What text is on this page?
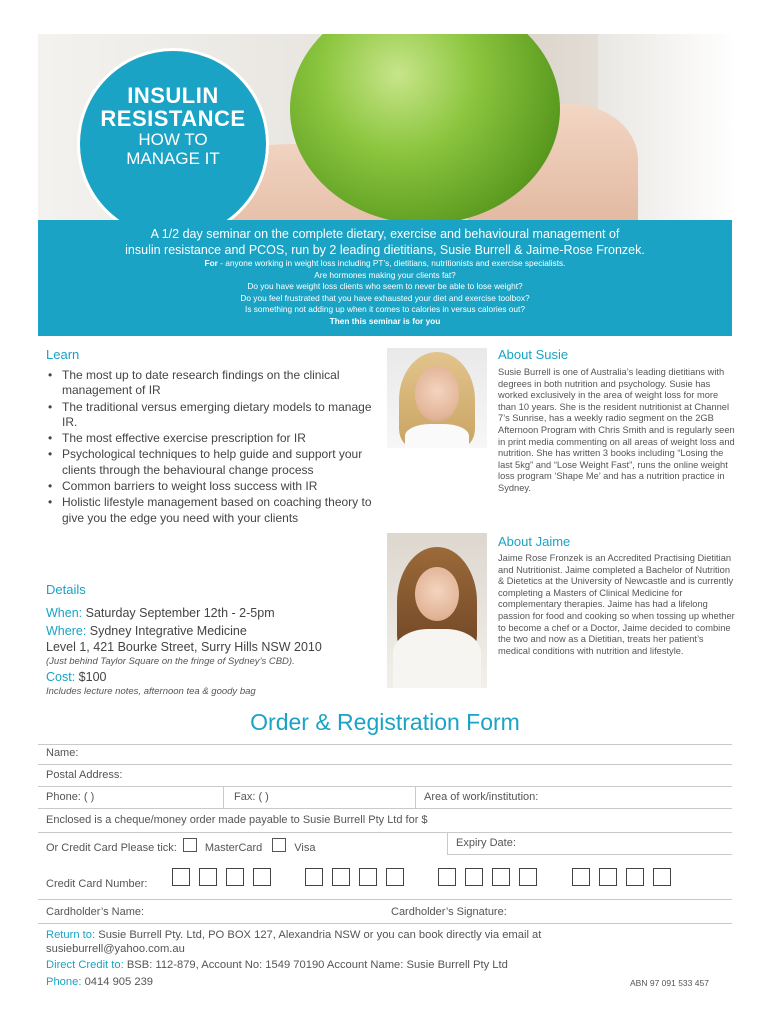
INSULIN
RESISTANCE
HOW TO
MANAGE IT
A 1/2 day seminar on the complete dietary, exercise and behavioural management of
insulin resistance and PCOS, run by 2 leading dietitians, Susie Burrell & Jaime-Rose Fronzek.
For - anyone working in weight loss including PT’s, dietitians, nutritionists and exercise specialists.
Are hormones making your clients fat?
Do you have weight loss clients who seem to never be able to lose weight?
Do you feel frustrated that you have exhausted your diet and exercise toolbox?
Is something not adding up when it comes to calories in versus calories out?
Then this seminar is for you
Learn
• The most up to date research findings on the clinical management of IR
• The traditional versus emerging dietary models to manage IR.
• The most effective exercise prescription for IR
• Psychological techniques to help guide and support your clients through the behavioural change process
• Common barriers to weight loss success with IR
• Holistic lifestyle management based on coaching theory to give you the edge you need with your clients
About Susie
Susie Burrell is one of Australia’s leading dietitians with degrees in both nutrition and psychology. Susie has worked exclusively in the area of weight loss for more than 10 years. She is the resident nutritionist at Channel 7’s Sunrise, has a weekly radio segment on the 2GB Afternoon Program with Chris Smith and is regularly seen in print media commenting on all areas of weight loss and nutrition. She has written 3 books including “Losing the last 5kg” and “Lose Weight Fast”, runs the online weight loss program ‘Shape Me’ and has a nutrition practice in Sydney.
About Jaime
Jaime Rose Fronzek is an Accredited Practising Dietitian and Nutritionist. Jaime completed a Bachelor of Nutrition & Dietetics at the University of Newcastle and is currently completing a Masters of Clinical Medicine for complementary therapies. Jaime has had a lifelong passion for food and cooking so when tossing up whether to become a chef or a Doctor, Jaime decided to combine the two and now as a Dietitian, treats her patient’s medical conditions with nutrition and lifestyle.
Details
When: Saturday September 12th - 2-5pm
Where: Sydney Integrative Medicine
Level 1, 421 Bourke Street, Surry Hills NSW 2010
(Just behind Taylor Square on the fringe of Sydney’s CBD).
Cost: $100
Includes lecture notes, afternoon tea & goody bag
Order & Registration Form
Name:
Postal Address:
Phone: ( )	Fax: ( )	Area of work/institution:
Enclosed is a cheque/money order made payable to Susie Burrell Pty Ltd for $
Or Credit Card Please tick:	MasterCard	Visa	Expiry Date:
Credit Card Number:
Cardholder’s Name:	Cardholder’s Signature:
Return to: Susie Burrell Pty. Ltd, PO BOX 127, Alexandria NSW or you can book directly via email at
susieburrell@yahoo.com.au
Direct Credit to: BSB: 112-879, Account No: 1549 70190 Account Name: Susie Burrell Pty Ltd
Phone: 0414 905 239	ABN 97 091 533 457
